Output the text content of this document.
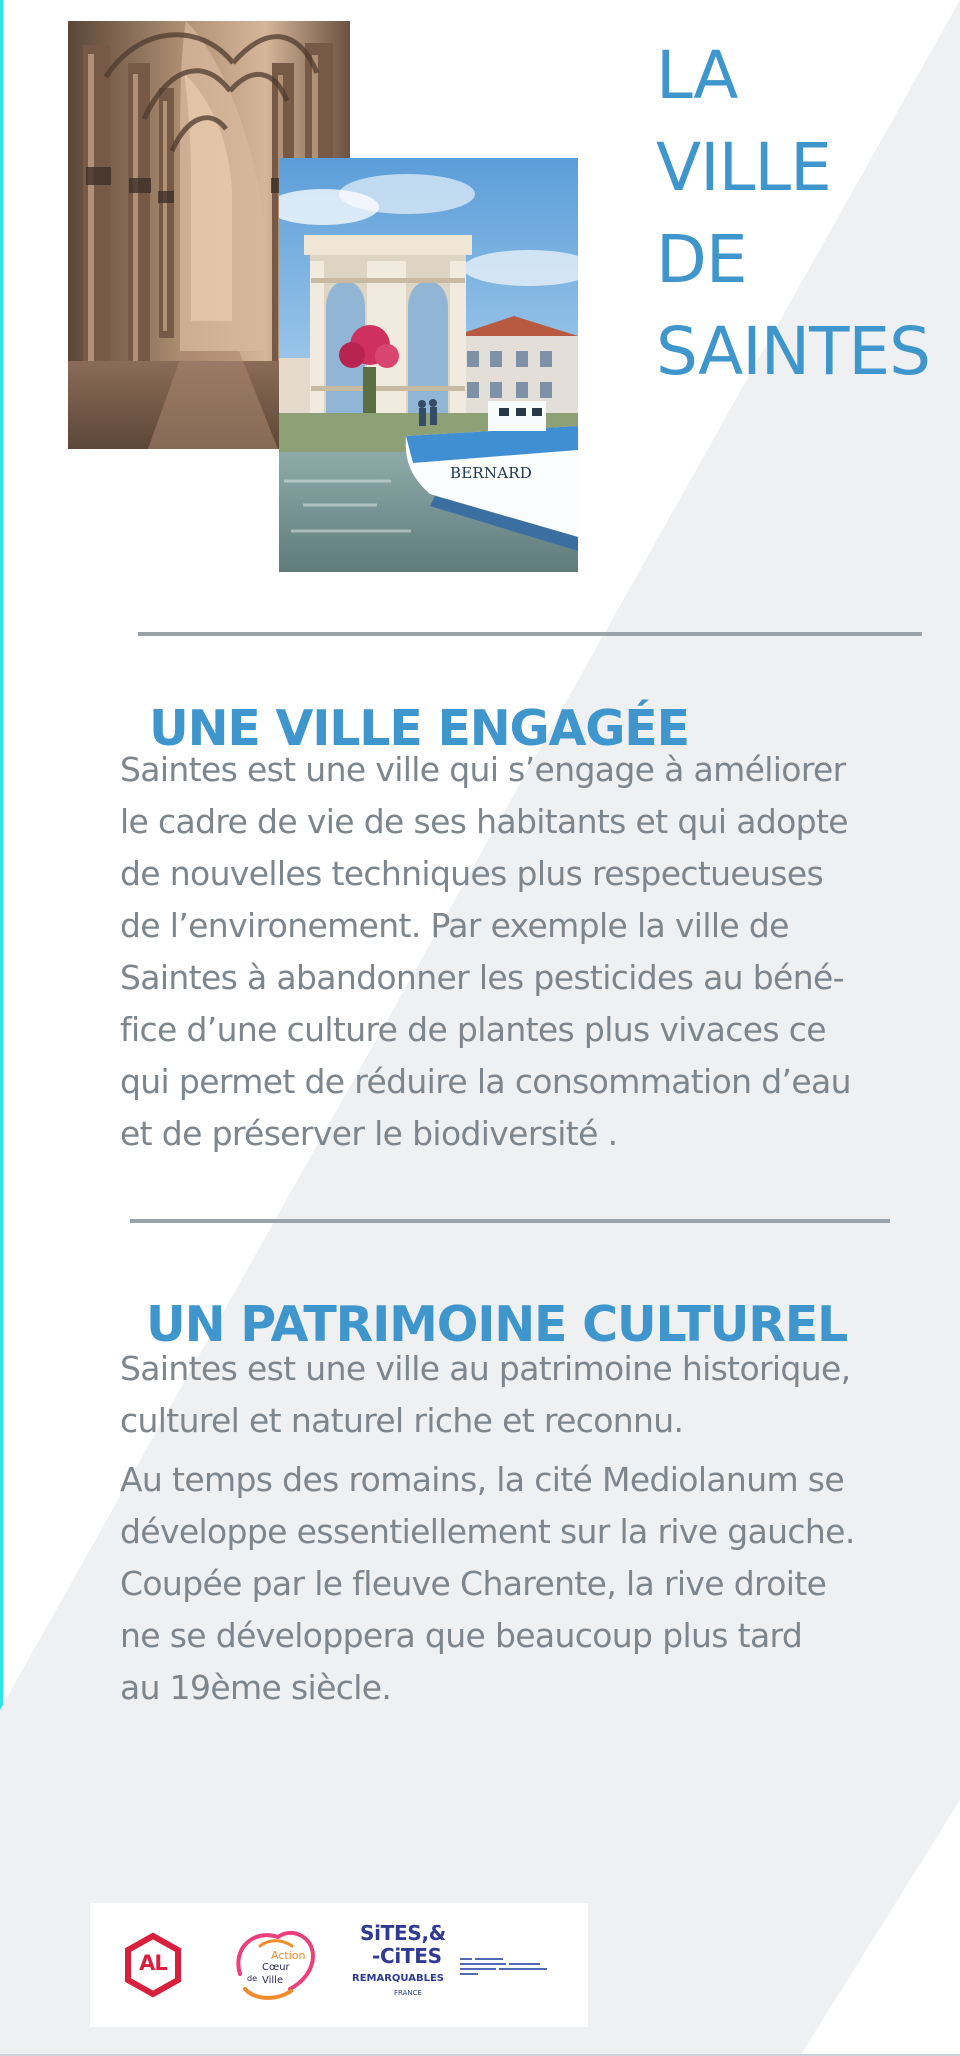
BERNARD
LA
VILLE
DE
SAINTES
UNE VILLE ENGAGÉE
Saintes est une ville qui s’engage à améliorer
le cadre de vie de ses habitants et qui adopte
de nouvelles techniques plus respectueuses
de l’environement. Par exemple la ville de
Saintes à abandonner les pesticides au béné-
fice d’une culture de plantes plus vivaces ce
qui permet de réduire la consommation d’eau
et de préserver le biodiversité .
UN PATRIMOINE CULTUREL
Saintes est une ville au patrimoine historique,
culturel et naturel riche et reconnu.
Au temps des romains, la cité Mediolanum se
développe essentiellement sur la rive gauche.
Coupée par le fleuve Charente, la rive droite
ne se développera que beaucoup plus tard
au 19ème siècle.
AL	Action
Cœur
de Ville
SiTES,&
-CiTES
REMARQUABLES
FRANCE
